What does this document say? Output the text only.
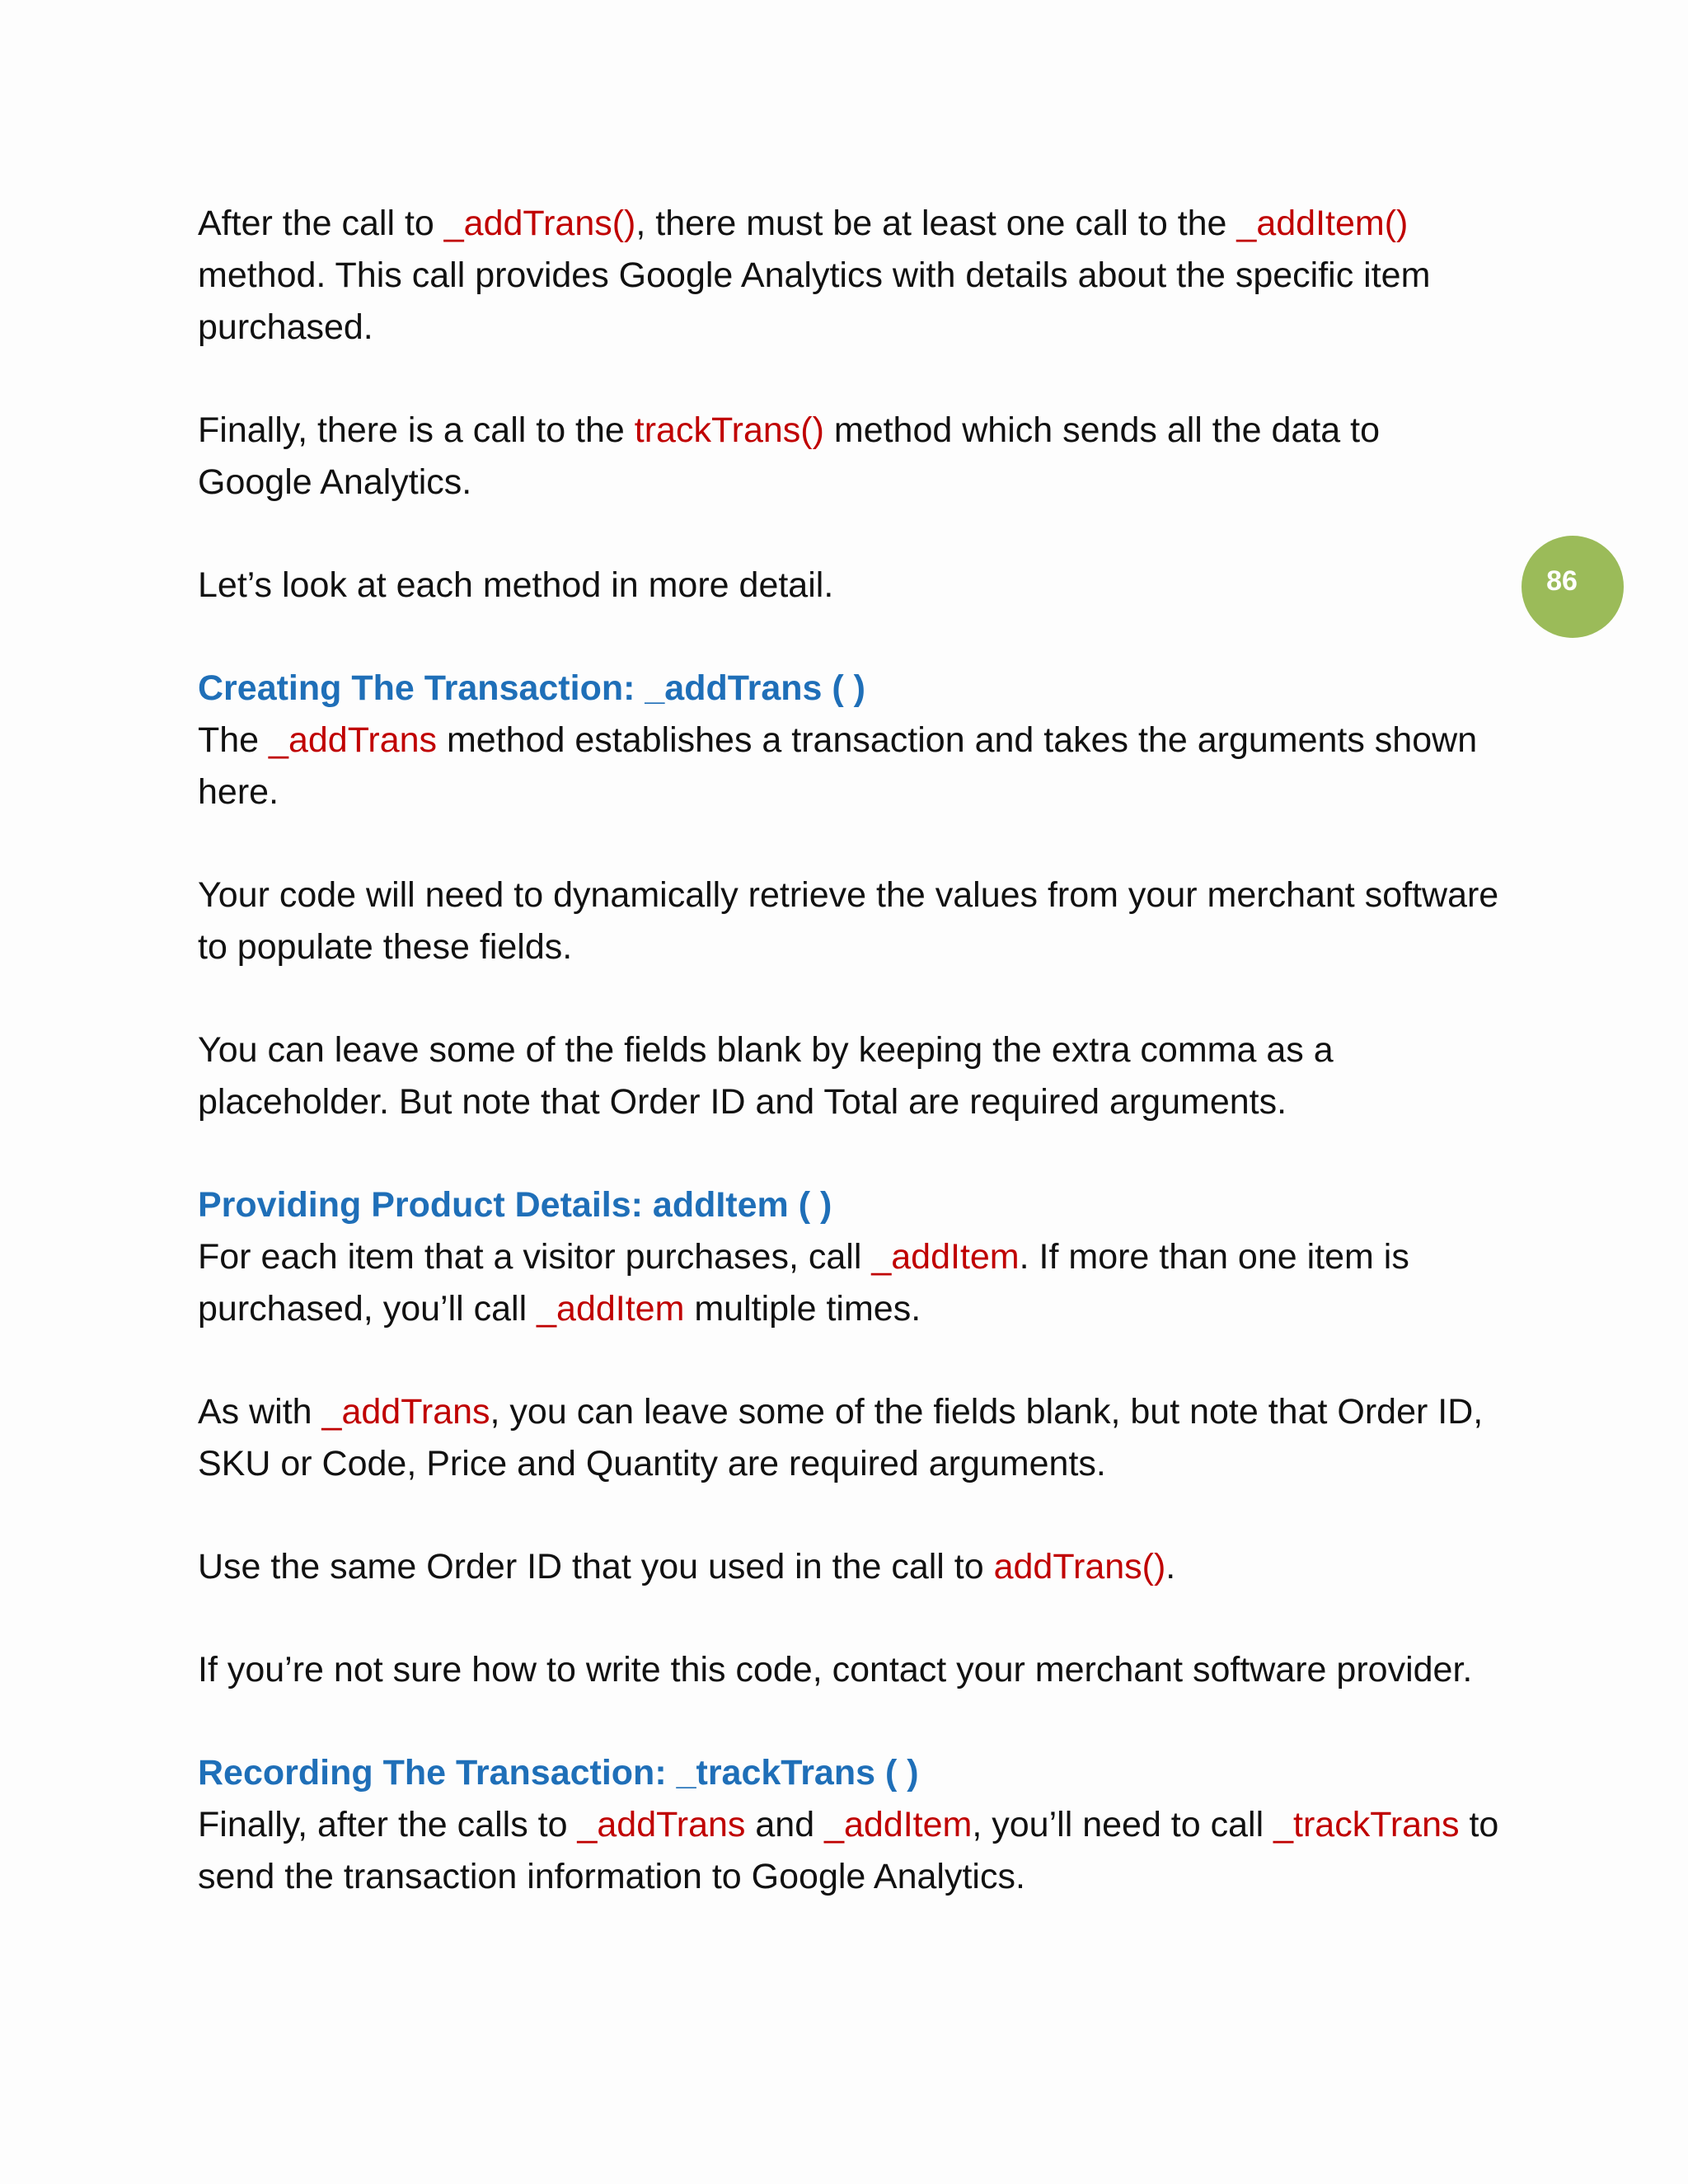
After the call to _addTrans(), there must be at least one call to the _addItem() method. This call provides Google Analytics with details about the specific item purchased.

Finally, there is a call to the trackTrans() method which sends all the data to Google Analytics.

Let’s look at each method in more detail.

Creating The Transaction: _addTrans ( )

The _addTrans method establishes a transaction and takes the arguments shown here.

Your code will need to dynamically retrieve the values from your merchant software to populate these fields.

You can leave some of the fields blank by keeping the extra comma as a placeholder. But note that Order ID and Total are required arguments.

Providing Product Details: addItem ( )

For each item that a visitor purchases, call _addItem. If more than one item is purchased, you’ll call _addItem multiple times.

As with _addTrans, you can leave some of the fields blank, but note that Order ID, SKU or Code, Price and Quantity are required arguments.

Use the same Order ID that you used in the call to addTrans().

If you’re not sure how to write this code, contact your merchant software provider.

Recording The Transaction: _trackTrans ( )

Finally, after the calls to _addTrans and _addItem, you’ll need to call _trackTrans to send the transaction information to Google Analytics.

86
